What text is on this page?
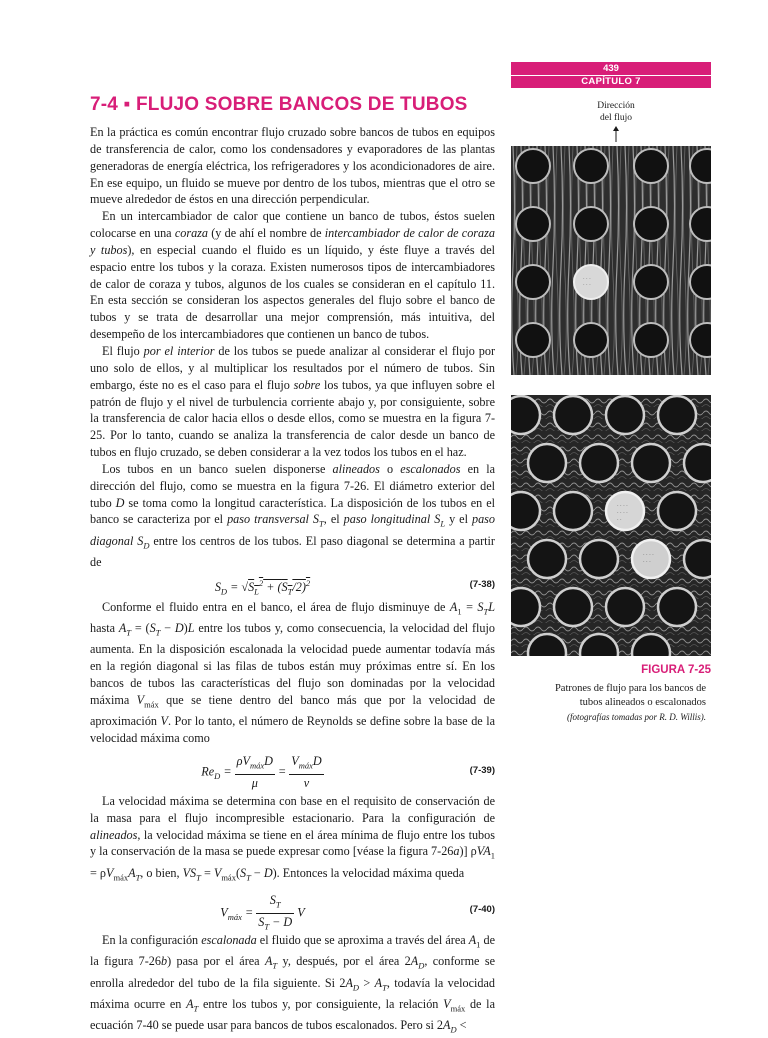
439
CAPÍTULO 7
7-4 ▪ FLUJO SOBRE BANCOS DE TUBOS

En la práctica es común encontrar flujo cruzado sobre bancos de tubos en equipos de transferencia de calor, como los condensadores y evaporadores de las plantas generadoras de energía eléctrica, los refrigeradores y los acondicionadores de aire. En ese equipo, un fluido se mueve por dentro de los tubos, mientras que el otro se mueve alrededor de éstos en una dirección perpendicular.

En un intercambiador de calor que contiene un banco de tubos, éstos suelen colocarse en una coraza (y de ahí el nombre de intercambiador de calor de coraza y tubos), en especial cuando el fluido es un líquido, y éste fluye a través del espacio entre los tubos y la coraza. Existen numerosos tipos de intercambiadores de calor de coraza y tubos, algunos de los cuales se consideran en el capítulo 11. En esta sección se consideran los aspectos generales del flujo sobre el banco de tubos y se trata de desarrollar una mejor comprensión, más intuitiva, del desempeño de los intercambiadores que contienen un banco de tubos.

El flujo por el interior de los tubos se puede analizar al considerar el flujo por uno solo de ellos, y al multiplicar los resultados por el número de tubos. Sin embargo, éste no es el caso para el flujo sobre los tubos, ya que influyen sobre el patrón de flujo y el nivel de turbulencia corriente abajo y, por consiguiente, sobre la transferencia de calor hacia ellos o desde ellos, como se muestra en la figura 7-25. Por lo tanto, cuando se analiza la transferencia de calor desde un banco de tubos en flujo cruzado, se deben considerar a la vez todos los tubos en el haz.

Los tubos en un banco suelen disponerse alineados o escalonados en la dirección del flujo, como se muestra en la figura 7-26. El diámetro exterior del tubo D se toma como la longitud característica. La disposición de los tubos en el banco se caracteriza por el paso transversal $S_T$, el paso longitudinal $S_L$ y el paso diagonal $S_D$ entre los centros de los tubos. El paso diagonal se determina a partir de

$S_D = √S_L^2 + (S_T/2)^2$	(7-38)

Conforme el fluido entra en el banco, el área de flujo disminuye de $A_1 = S_TL$ hasta $A_T = (S_T - D)L$ entre los tubos y, como consecuencia, la velocidad del flujo aumenta. En la disposición escalonada la velocidad puede aumentar todavía más en la región diagonal si las filas de tubos están muy próximas entre sí. En los bancos de tubos las características del flujo son dominadas por la velocidad máxima $V_{máx}$ que se tiene dentro del banco más que por la velocidad de aproximación V. Por lo tanto, el número de Reynolds se define sobre la base de la velocidad máxima como

$Re_D = \frac{\rho V_{máx}D}{\mu} = \frac{V_{máx}D}{\nu}$	(7-39)

La velocidad máxima se determina con base en el requisito de conservación de la masa para el flujo incompresible estacionario. Para la configuración de alineados, la velocidad máxima se tiene en el área mínima de flujo entre los tubos y la conservación de la masa se puede expresar como [véase la figura 7-26a)] $\rho VA_1 = \rho V_{máx}A_T$, o bien, $VS_T = V_{máx}(S_T - D)$. Entonces la velocidad máxima queda

$V_{máx} = \frac{S_T}{S_T - D}$ V	(7-40)

En la configuración escalonada el fluido que se aproxima a través del área $A_1$ de la figura 7-26b) pasa por el área $A_T$ y, después, por el área $2A_D$, conforme se enrolla alrededor del tubo de la fila siguiente. Si $2A_D > A_T$, todavía la velocidad máxima ocurre en $A_T$ entre los tubos y, por consiguiente, la relación $V_{máx}$ de la ecuación 7-40 se puede usar para bancos de tubos escalonados. Pero si $2A_D$ <

Dirección
del flujo
· · ·
· · ·
· · · ·
· · · ·
· ·
· · · ·
· · ·
FIGURA 7-25
Patrones de flujo para los bancos de
tubos alineados o escalonados
(fotografías tomadas por R. D. Willis).
